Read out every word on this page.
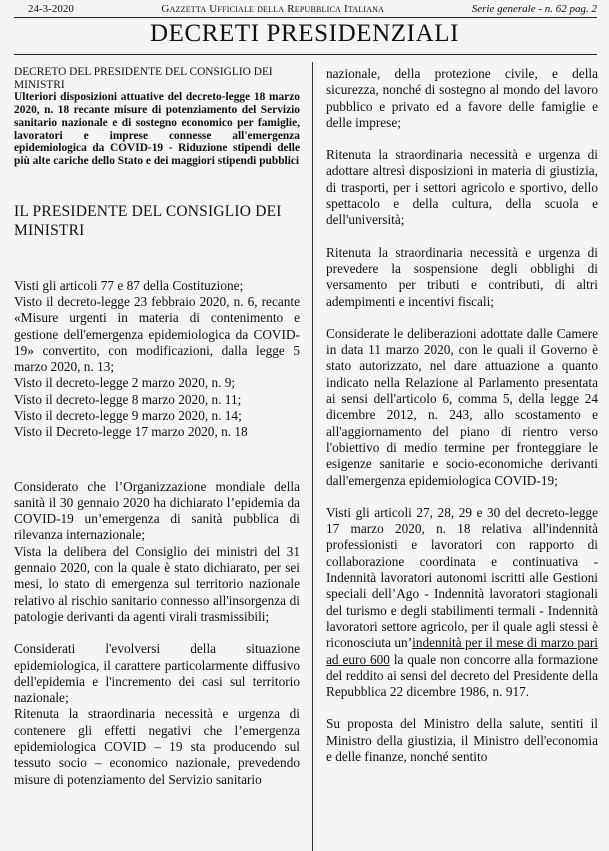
24-3-2020	Gazzetta Ufficiale della Repubblica Italiana	Serie generale - n. 62 pag. 2
DECRETI PRESIDENZIALI

DECRETO DEL PRESIDENTE DEL CONSIGLIO DEI MINISTRI

Ulteriori disposizioni attuative del decreto-legge 18 marzo 2020, n. 18 recante misure di potenziamento del Servizio sanitario nazionale e di sostegno economico per famiglie, lavoratori e imprese connesse all'emergenza epidemiologica da COVID-19 - Riduzione stipendi delle più alte cariche dello Stato e dei maggiori stipendi pubblici

IL PRESIDENTE DEL CONSIGLIO DEI MINISTRI

Visti gli articoli 77 e 87 della Costituzione;

Visto il decreto-legge 23 febbraio 2020, n. 6, recante «Misure urgenti in materia di contenimento e gestione dell'emergenza epidemiologica da COVID-19» convertito, con modificazioni, dalla legge 5 marzo 2020, n. 13;

Visto il decreto-legge 2 marzo 2020, n. 9;

Visto il decreto-legge 8 marzo 2020, n. 11;

Visto il decreto-legge 9 marzo 2020, n. 14;

Visto il Decreto-legge 17 marzo 2020, n. 18

Considerato che l’Organizzazione mondiale della sanità il 30 gennaio 2020 ha dichiarato l’epidemia da COVID-19 un’emergenza di sanità pubblica di rilevanza internazionale;

Vista la delibera del Consiglio dei ministri del 31 gennaio 2020, con la quale è stato dichiarato, per sei mesi, lo stato di emergenza sul territorio nazionale relativo al rischio sanitario connesso all'insorgenza di patologie derivanti da agenti virali trasmissibili;

Considerati l'evolversi della situazione epidemiologica, il carattere particolarmente diffusivo dell'epidemia e l'incremento dei casi sul territorio nazionale;

Ritenuta la straordinaria necessità e urgenza di contenere gli effetti negativi che l’emergenza epidemiologica COVID – 19 sta producendo sul tessuto socio – economico nazionale, prevedendo misure di potenziamento del Servizio sanitario

nazionale, della protezione civile, e della sicurezza, nonché di sostegno al mondo del lavoro pubblico e privato ed a favore delle famiglie e delle imprese;

Ritenuta la straordinaria necessità e urgenza di adottare altresì disposizioni in materia di giustizia, di trasporti, per i settori agricolo e sportivo, dello spettacolo e della cultura, della scuola e dell'università;

Ritenuta la straordinaria necessità e urgenza di prevedere la sospensione degli obblighi di versamento per tributi e contributi, di altri adempimenti e incentivi fiscali;

Considerate le deliberazioni adottate dalle Camere in data 11 marzo 2020, con le quali il Governo è stato autorizzato, nel dare attuazione a quanto indicato nella Relazione al Parlamento presentata ai sensi dell'articolo 6, comma 5, della legge 24 dicembre 2012, n. 243, allo scostamento e all'aggiornamento del piano di rientro verso l'obiettivo di medio termine per fronteggiare le esigenze sanitarie e socio-economiche derivanti dall'emergenza epidemiologica COVID-19;

Visti gli articoli 27, 28, 29 e 30 del decreto-legge 17 marzo 2020, n. 18 relativa all'indennità professionisti e lavoratori con rapporto di collaborazione coordinata e continuativa - Indennità lavoratori autonomi iscritti alle Gestioni speciali dell’Ago - Indennità lavoratori stagionali del turismo e degli stabilimenti termali - Indennità lavoratori settore agricolo, per il quale agli stessi è riconosciuta un’indennità per il mese di marzo pari ad euro 600 la quale non concorre alla formazione del reddito ai sensi del decreto del Presidente della Repubblica 22 dicembre 1986, n. 917.

Su proposta del Ministro della salute, sentiti il Ministro della giustizia, il Ministro dell'economia e delle finanze, nonché sentito
